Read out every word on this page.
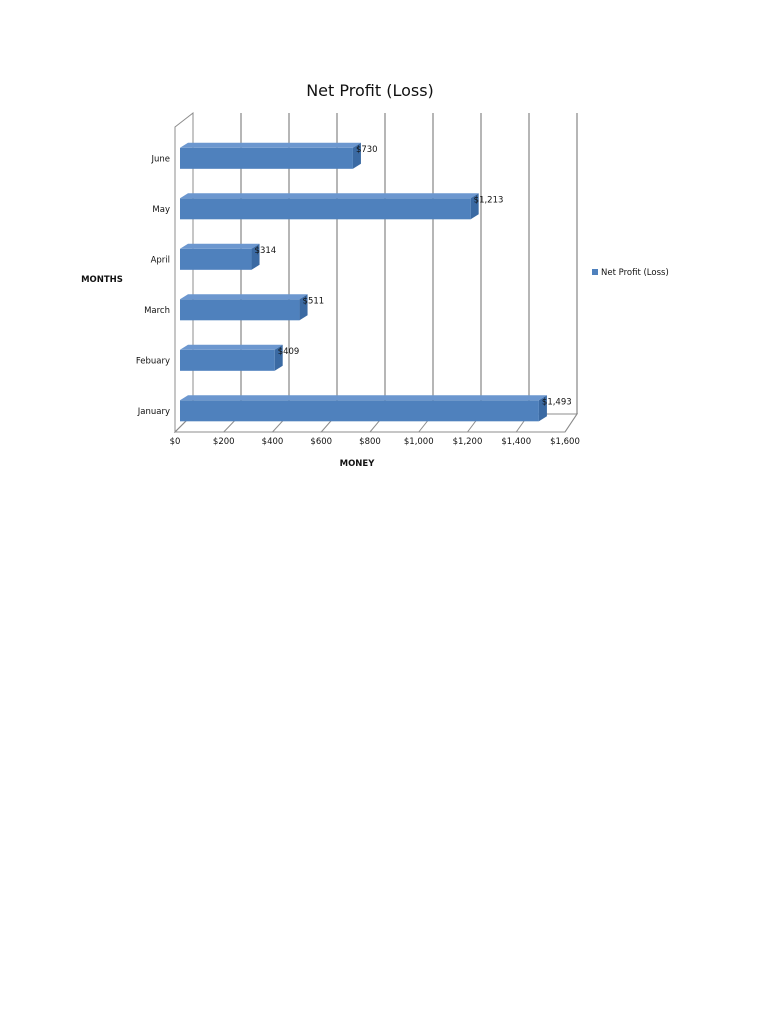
Net Profit (Loss)
January
Febuary
March
April
May
June
$0	$200	$400	$600	$800	$1,000 $1,200 $1,400 $1,600
$1,493
$409
$511
$314
$1,213
$730
MONTHS
MONEY
Net Profit (Loss)
